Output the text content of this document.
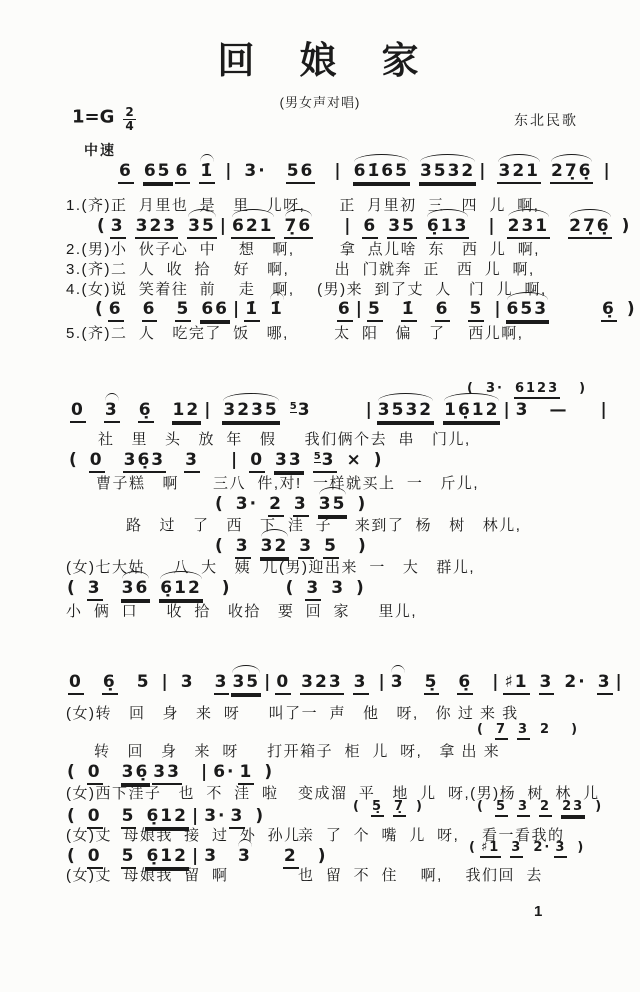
回　娘　家
(男女声对唱)
$1=G \frac{2}{4}$	东北民歌
中速
6 65 6 1̇ | 3· 56 | 61̇65 3532 | 321 27̣6̣ |
1.(齐)正  月里也  是   里   儿呀,      正  月里初  三   四  儿  啊,
( 3 323 35 | 621 7̣6 | 6 35 6̣13 | 231 27̣6̣ )
2.(男)小  伙子心  中    想   啊,        拿  点儿啥  东   西  儿  啊,
3.(齐)二  人  收  拾    好   啊,        出  门就奔  正   西  儿  啊,
4.(女)说  笑着往  前    走   啊,    (男)来  到了丈  人   门  儿  啊,
( 6 6 5 66 | 1̇ 1̇	6 | 5 1̇ 6 5 | 653	6̣ )
5.(齐)二  人   吃完了  饭   哪,        太  阳   偏   了    西儿啊,
( 3· 6123 )
0 3 6̣ 12 | 3235 $^5$3	| 3532 16̣12 | 3 — |
社   里   头   放  年   假     我们俩个去  串   门儿,
( 0 36̣3 3 | 0 33 $^5$3 × )
曹子糕   啊      三八  件,对!  一样就买上  一   斤儿,
( 3· 2 3 35 )
路   过   了   西   下  洼  子    来到了  杨   树   林儿,
( 3 32 3 5 )
(女)七大姑     八  大   姨  儿(男)迎出来  一   大   群儿,
( 3 36 6̣12 )	( 3 3 )
小  俩  口     收  拾   收拾   要  回  家     里儿,
0 6̣ 5 | 3 3 35 | 0 323 3 | 3 5̣ 6̣ | ♯1 3 2· 3 |
(女)转   回   身   来  呀     叫了一  声   他   呀,   你 过 来 我
( 7 3 2 )
转   回   身   来  呀     打开箱子  柜  儿  呀,   拿 出 来
( 0 36̣ 33 | 6· 1 )
(女)西下洼子   也  不  洼  啦 变成溜  平   地  儿  呀,(男)杨  树  林  儿
( 5̣ 7̣ )	( 5 3 2 23 )
( 0 5 6̣12 | 3· 3 )
(女)丈  母娘我  接  过  外  孙儿
亲  了  个  嘴  儿  呀,    看一看我的
( ♯1 3 2· 3 )
( 0 5 6̣12 | 3 3 2 )
(女)丈  母娘我  留  啊	也  留  不  住    啊,    我们回  去
1
